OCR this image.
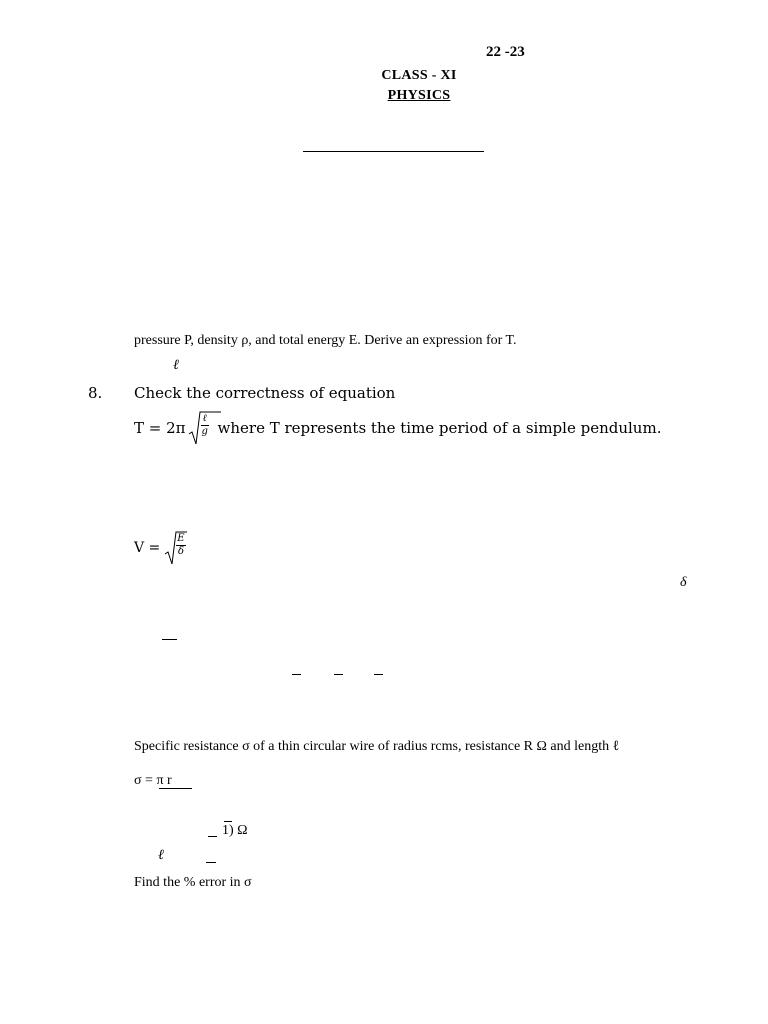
22 -23
CLASS - XI
PHYSICS
pressure P, density ρ, and total energy E. Derive an expression for T.
ℓ
8. Check the correctness of equation
T = 2π
ℓ
g where T represents the time period of a simple pendulum.
$V = \frac{E}{\delta}$
δ
Specific resistance σ of a thin circular wire of radius rcms, resistance R Ω and length ℓ
σ = π r
1) Ω
ℓ
Find the % error in σ
